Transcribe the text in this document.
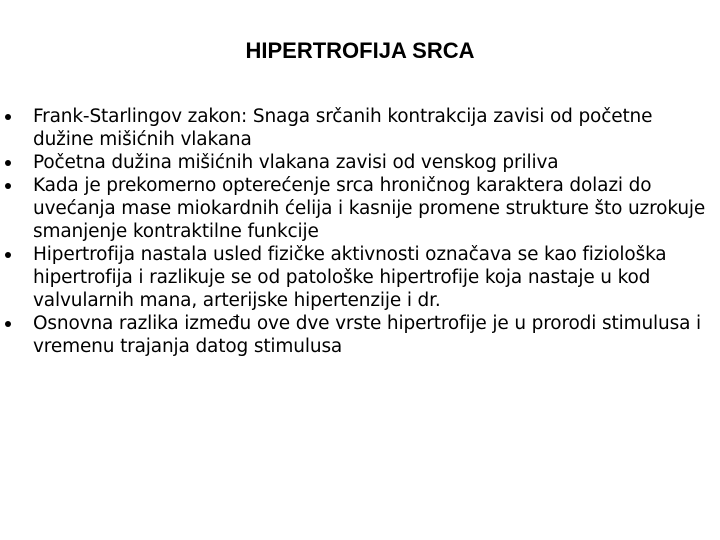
HIPERTROFIJA SRCA
Frank-Starlingov zakon: Snaga srčanih kontrakcija zavisi od početne dužine mišićnih vlakana
Početna dužina mišićnih vlakana zavisi od venskog priliva
Kada je prekomerno opterećenje srca hroničnog karaktera dolazi do uvećanja mase miokardnih ćelija i kasnije promene strukture što uzrokuje smanjenje kontraktilne funkcije
Hipertrofija nastala usled fizičke aktivnosti označava se kao fiziološka hipertrofija i razlikuje se od patološke hipertrofije koja nastaje u kod valvularnih mana, arterijske hipertenzije i dr.
Osnovna razlika između ove dve vrste hipertrofije je u prorodi stimulusa i vremenu trajanja datog stimulusa
